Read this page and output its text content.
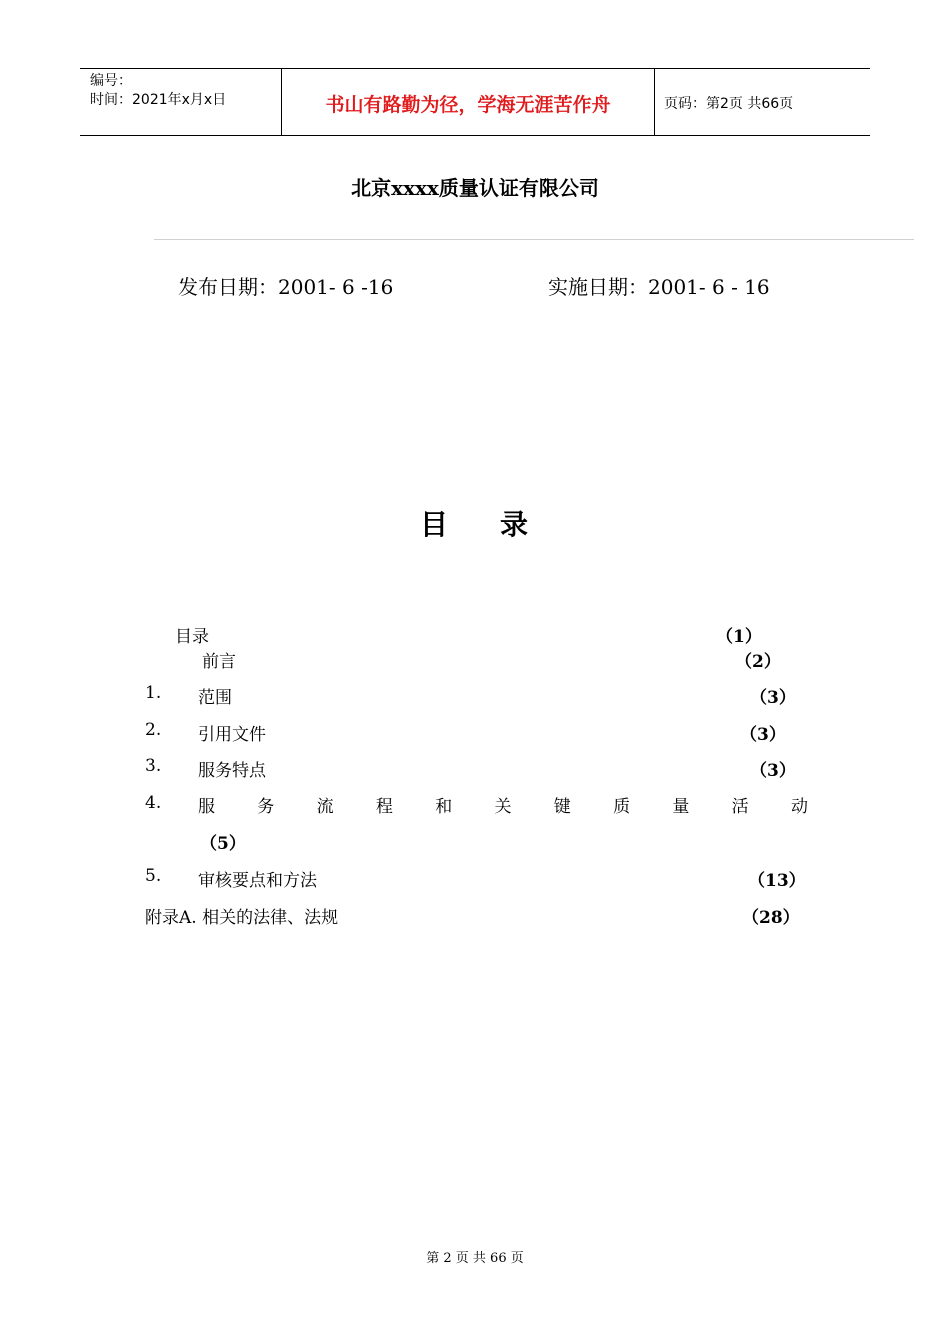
编号：
时间：2021年x月x日	书山有路勤为径，学海无涯苦作舟	页码：第2页 共66页
北京xxxx质量认证有限公司
发布日期：2001- 6 -16	实施日期：2001- 6 - 16
目录
目录	（1）
前言	（2）
1. 范围	（3）
2. 引用文件	（3）
3. 服务特点	（3）
4. 服 务 流 程 和 关 键 质 量 活 动
（5）
5. 审核要点和方法	（13）
附录A. 相关的法律、法规	（28）
第 2 页 共 66 页
